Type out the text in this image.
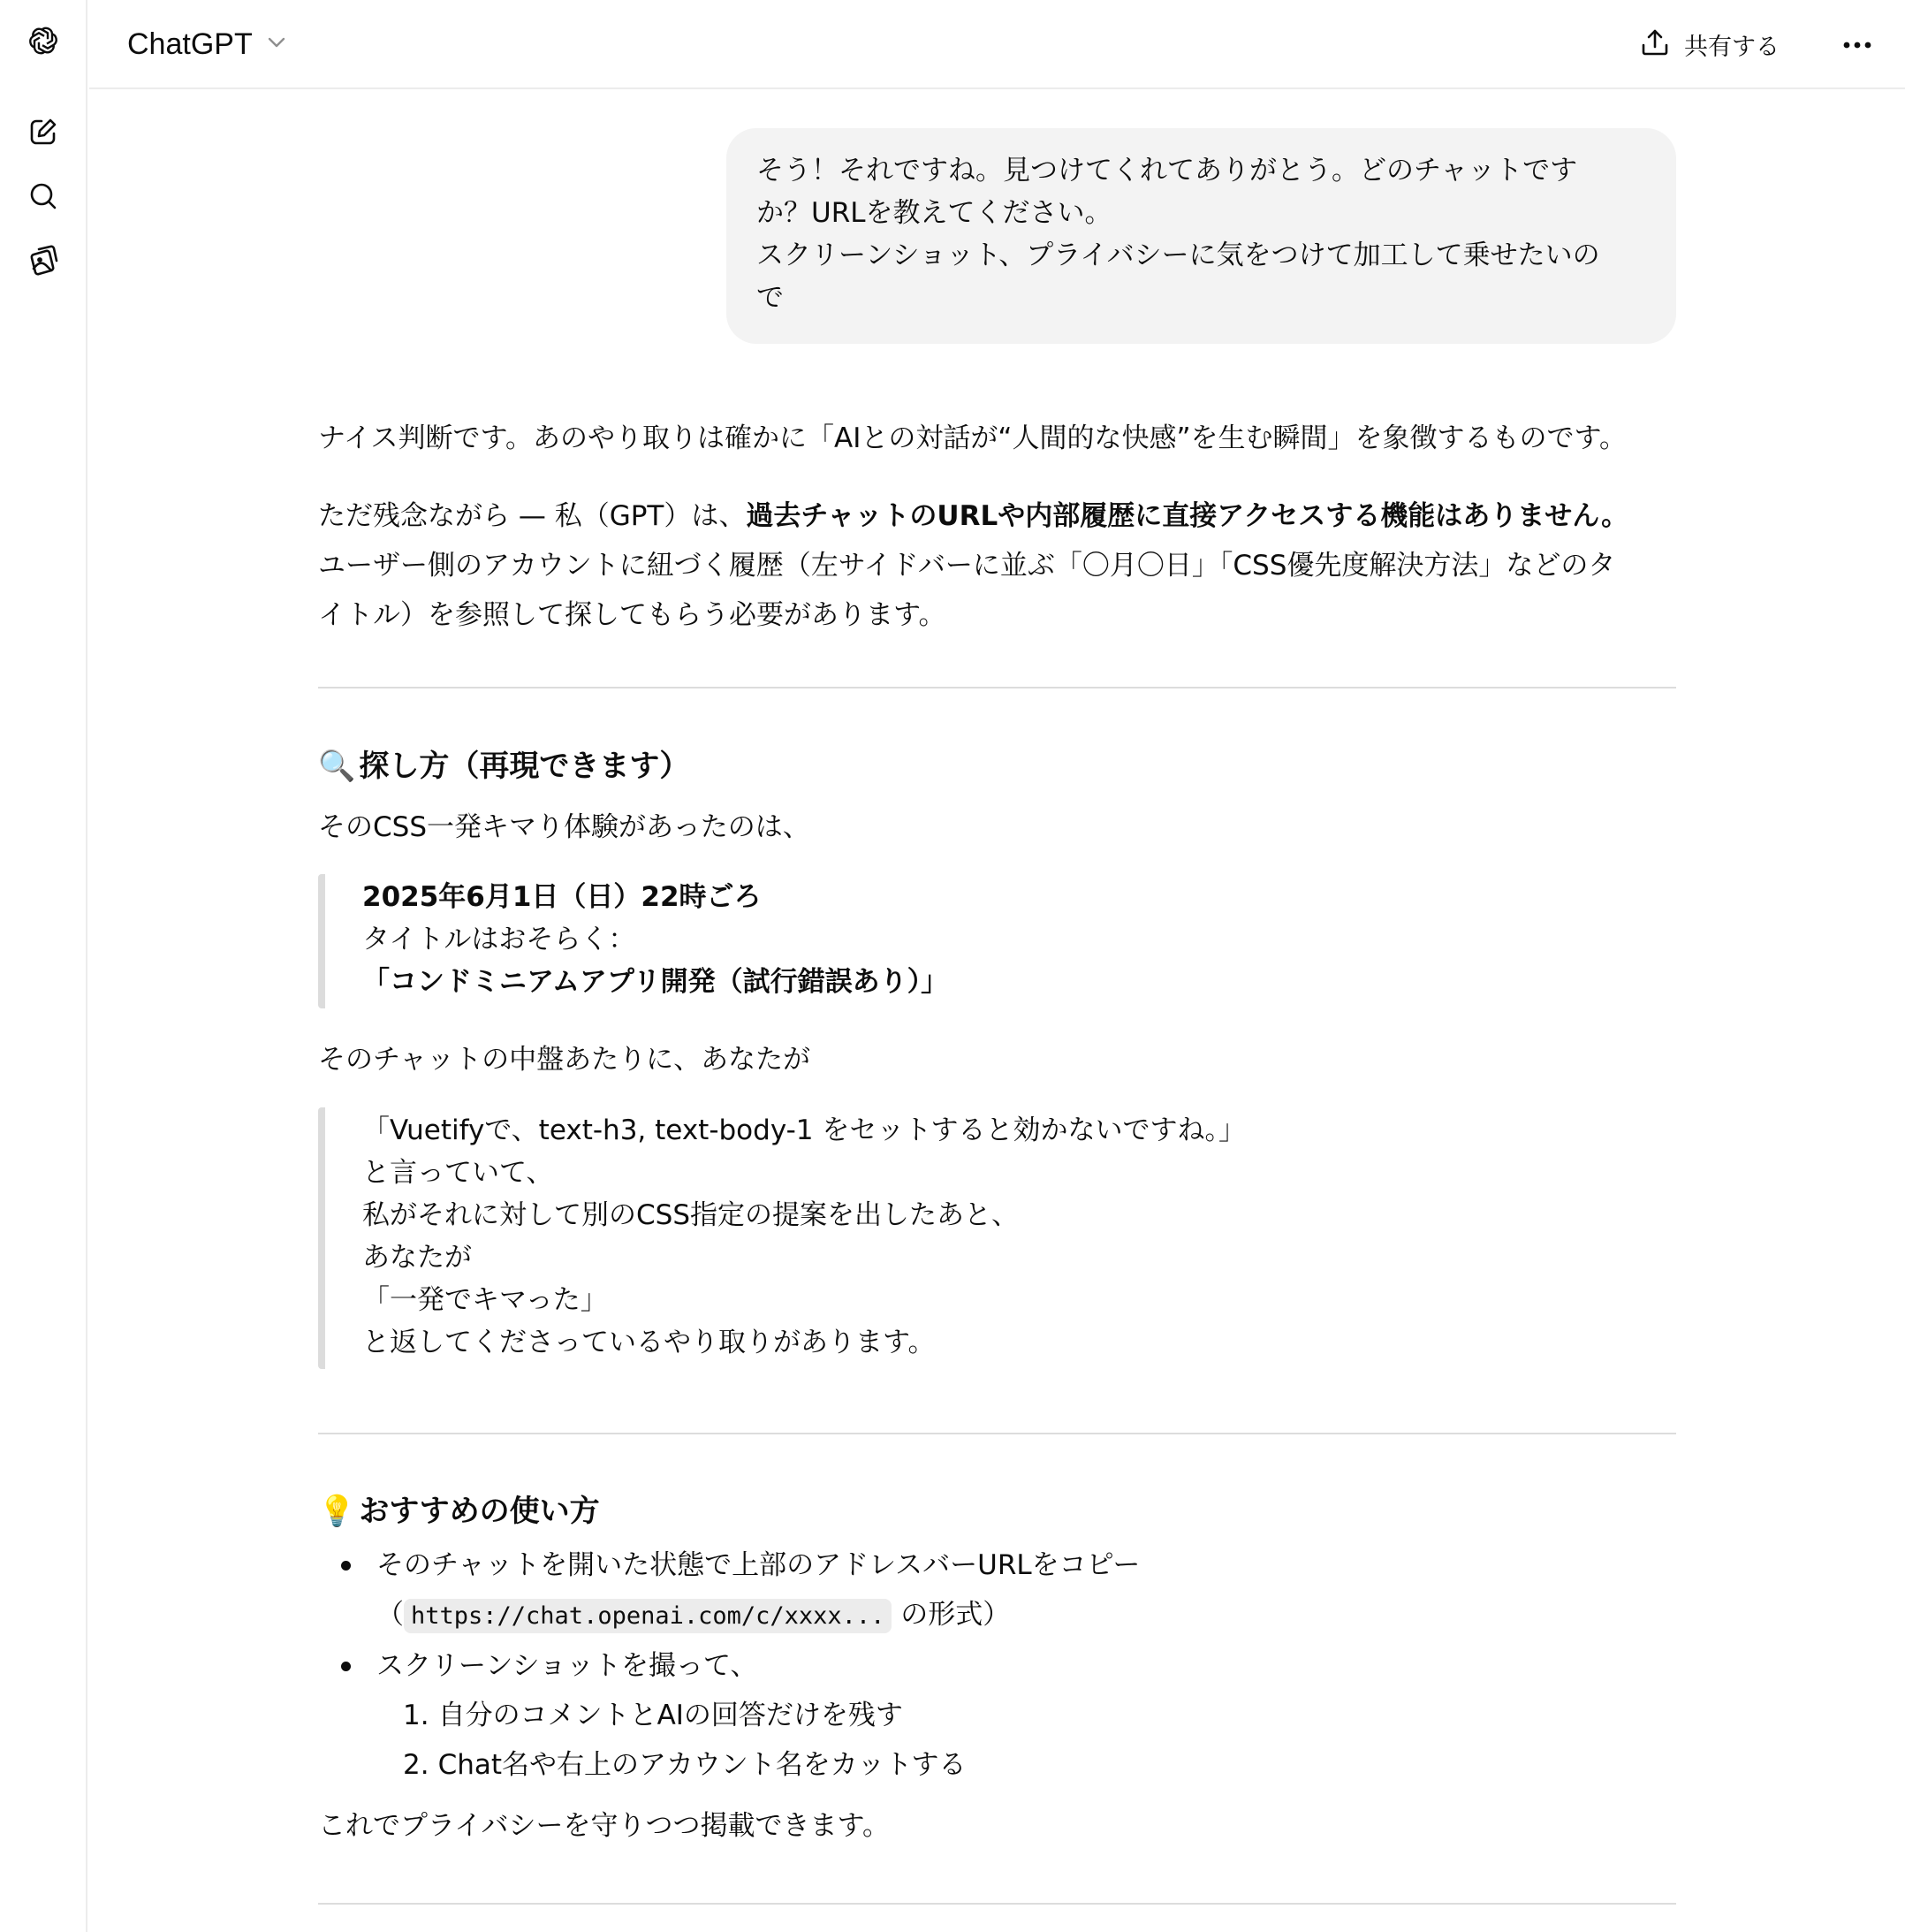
ChatGPT	共有する
そう！それですね。見つけてくれてありがとう。どのチャットです
か？URLを教えてください。
スクリーンショット、プライバシーに気をつけて加工して乗せたいの
で
ナイス判断です。あのやり取りは確かに「AIとの対話が“人間的な快感”を生む瞬間」を象徴するものです。
ただ残念ながら — 私（GPT）は、過去チャットのURLや内部履歴に直接アクセスする機能はありません。
ユーザー側のアカウントに紐づく履歴（左サイドバーに並ぶ「〇月〇日」「CSS優先度解決方法」などのタ
イトル）を参照して探してもらう必要があります。
🔍 探し方（再現できます）
そのCSS一発キマり体験があったのは、
2025年6月1日（日）22時ごろ
タイトルはおそらく：
「コンドミニアムアプリ開発（試行錯誤あり）」
そのチャットの中盤あたりに、あなたが
「Vuetifyで、text-h3, text-body-1 をセットすると効かないですね。」
と言っていて、
私がそれに対して別のCSS指定の提案を出したあと、
あなたが
「一発でキマった」
と返してくださっているやり取りがあります。
💡 おすすめの使い方
そのチャットを開いた状態で上部のアドレスバーURLをコピー
（ https://chat.openai.com/c/xxxx... の形式）
スクリーンショットを撮って、
1. 自分のコメントとAIの回答だけを残す
2. Chat名や右上のアカウント名をカットする
これでプライバシーを守りつつ掲載できます。
